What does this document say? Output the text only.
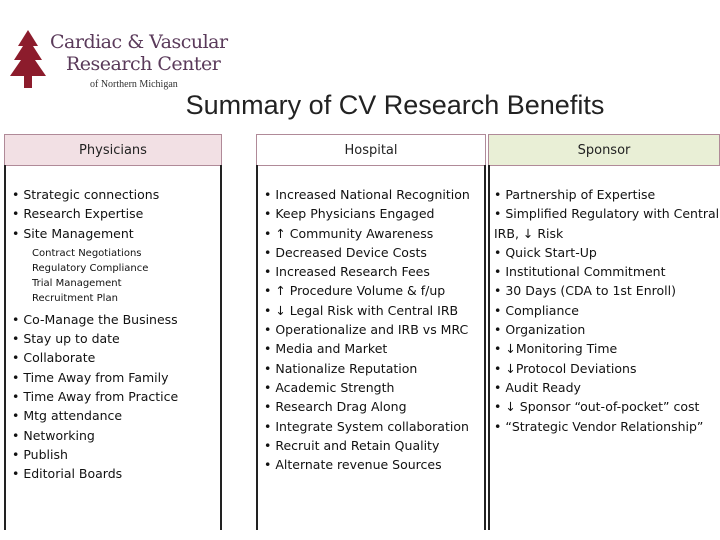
Cardiac & Vascular
Research Center
of Northern Michigan
Summary of CV Research Benefits
Physicians
• Strategic connections
• Research Expertise
• Site Management
Contract Negotiations
Regulatory Compliance
Trial Management
Recruitment Plan
• Co-Manage the Business
• Stay up to date
• Collaborate
• Time Away from Family
• Time Away from Practice
• Mtg attendance
• Networking
• Publish
• Editorial Boards
Hospital
• Increased National Recognition
• Keep Physicians Engaged
• ↑ Community Awareness
• Decreased Device Costs
• Increased Research Fees
• ↑ Procedure Volume & f/up
• ↓ Legal Risk with Central IRB
• Operationalize and IRB vs MRC
• Media and Market
• Nationalize Reputation
• Academic Strength
• Research Drag Along
• Integrate System collaboration
• Recruit and Retain Quality
• Alternate revenue Sources
Sponsor
• Partnership of Expertise
• Simplified Regulatory with Central
IRB, ↓ Risk
• Quick Start-Up
• Institutional Commitment
• 30 Days (CDA to 1st Enroll)
• Compliance
• Organization
• ↓Monitoring Time
• ↓Protocol Deviations
• Audit Ready
• ↓ Sponsor “out-of-pocket” cost
• “Strategic Vendor Relationship”
